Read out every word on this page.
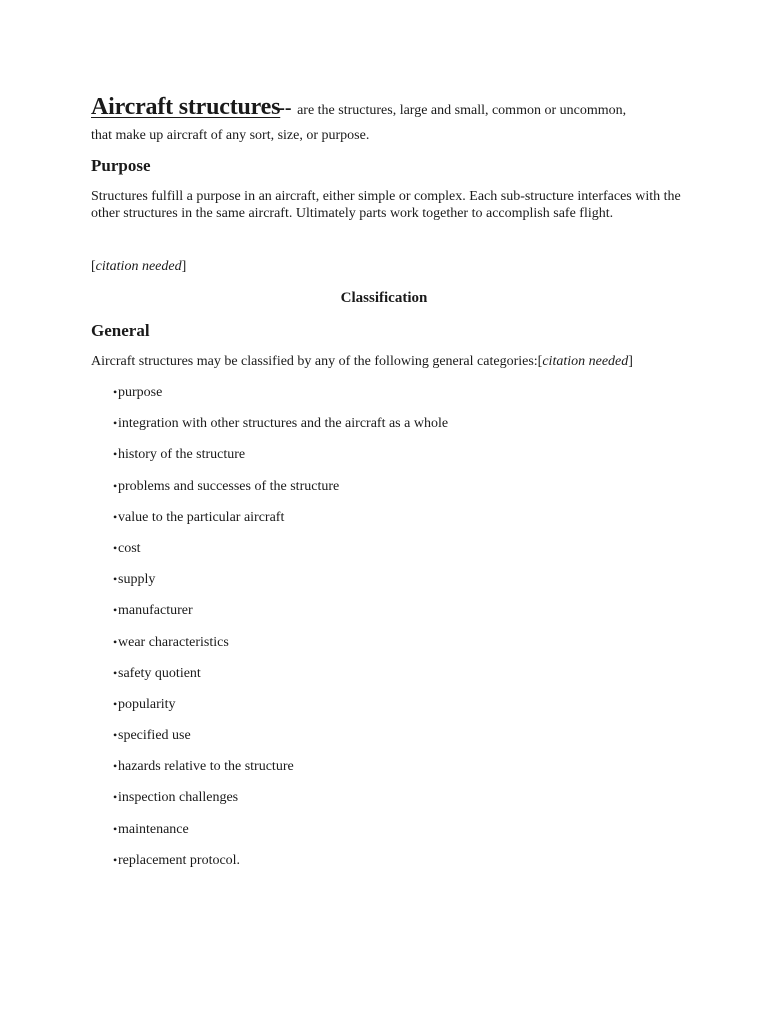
Aircraft structures-- are the structures, large and small, common or uncommon,
that make up aircraft of any sort, size, or purpose.
Purpose

Structures fulfill a purpose in an aircraft, either simple or complex. Each sub-structure interfaces with the other structures in the same aircraft. Ultimately parts work together to accomplish safe flight.

[citation needed]

Classification
General

Aircraft structures may be classified by any of the following general categories:[citation needed]

•purpose
•integration with other structures and the aircraft as a whole
•history of the structure
•problems and successes of the structure
•value to the particular aircraft
•cost
•supply
•manufacturer
•wear characteristics
•safety quotient
•popularity
•specified use
•hazards relative to the structure
•inspection challenges
•maintenance
•replacement protocol.
